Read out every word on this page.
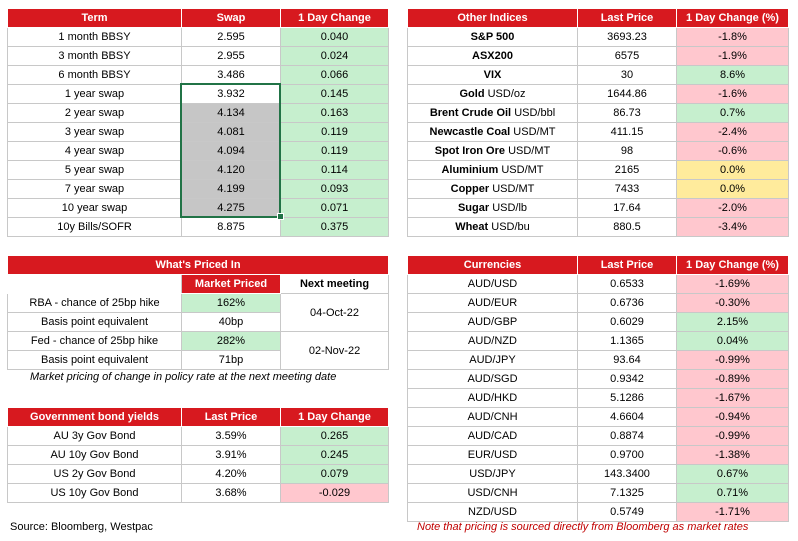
Term	Swap	1 Day Change
1 month BBSY	2.595	0.040
3 month BBSY	2.955	0.024
6 month BBSY	3.486	0.066
1 year swap	3.932	0.145
2 year swap	4.134	0.163
3 year swap	4.081	0.119
4 year swap	4.094	0.119
5 year swap	4.120	0.114
7 year swap	4.199	0.093
10 year swap	4.275	0.071
10y Bills/SOFR	8.875	0.375
What's Priced In		
	Market Priced	Next meeting
RBA - chance of 25bp hike	162%	04-Oct-22
Basis point equivalent	40bp	
Fed - chance of 25bp hike	282%	02-Nov-22
Basis point equivalent	71bp	
Market pricing of change in policy rate at the next meeting date
Government bond yields	Last Price	1 Day Change
AU 3y Gov Bond	3.59%	0.265
AU 10y Gov Bond	3.91%	0.245
US 2y Gov Bond	4.20%	0.079
US 10y Gov Bond	3.68%	-0.029
Source: Bloomberg, Westpac
Other Indices	Last Price	1 Day Change (%)
S&P 500	3693.23	-1.8%
ASX200	6575	-1.9%
VIX	30	8.6%
Gold USD/oz	1644.86	-1.6%
Brent Crude Oil USD/bbl	86.73	0.7%
Newcastle Coal USD/MT	411.15	-2.4%
Spot Iron Ore USD/MT	98	-0.6%
Aluminium USD/MT	2165	0.0%
Copper USD/MT	7433	0.0%
Sugar USD/lb	17.64	-2.0%
Wheat USD/bu	880.5	-3.4%
Currencies	Last Price	1 Day Change (%)
AUD/USD	0.6533	-1.69%
AUD/EUR	0.6736	-0.30%
AUD/GBP	0.6029	2.15%
AUD/NZD	1.1365	0.04%
AUD/JPY	93.64	-0.99%
AUD/SGD	0.9342	-0.89%
AUD/HKD	5.1286	-1.67%
AUD/CNH	4.6604	-0.94%
AUD/CAD	0.8874	-0.99%
EUR/USD	0.9700	-1.38%
USD/JPY	143.3400	0.67%
USD/CNH	7.1325	0.71%
NZD/USD	0.5749	-1.71%
Note that pricing is sourced directly from Bloomberg as market rates
